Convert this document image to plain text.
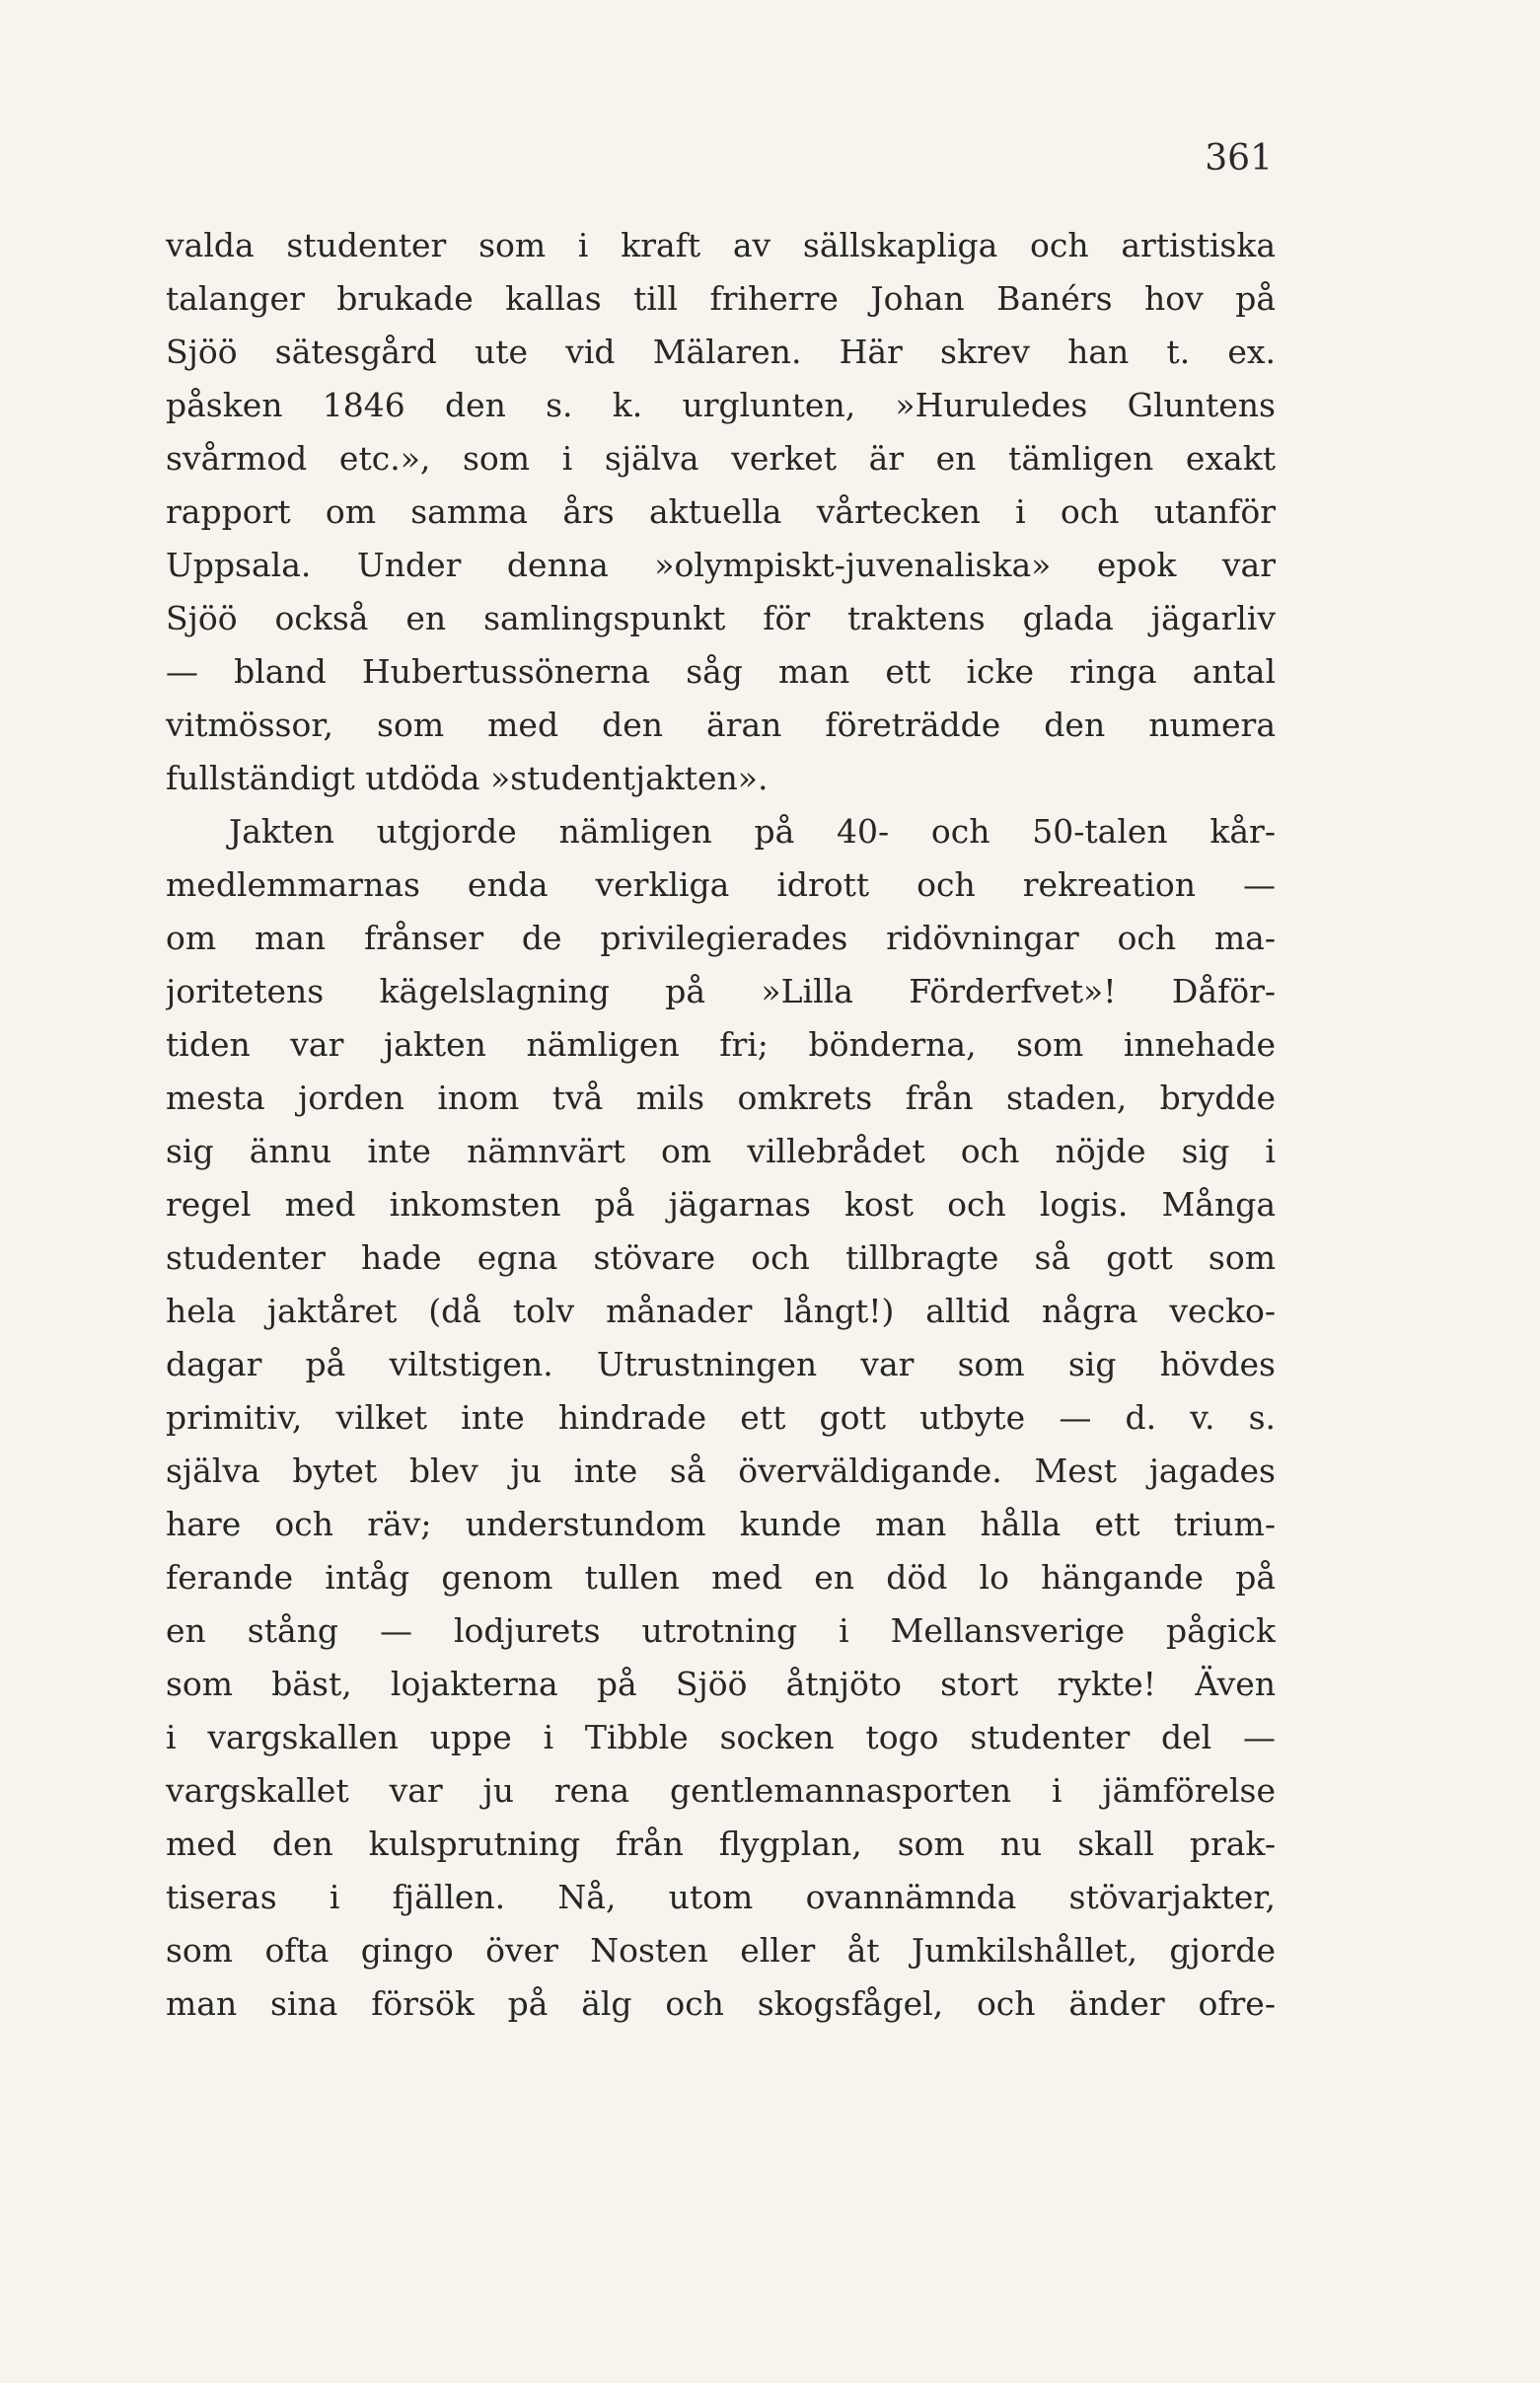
361
valda studenter som i kraft av sällskapliga och artistiska
talanger brukade kallas till friherre Johan Banérs hov på
Sjöö sätesgård ute vid Mälaren. Här skrev han t. ex.
påsken 1846 den s. k. urglunten, »Huruledes Gluntens
svårmod etc.», som i själva verket är en tämligen exakt
rapport om samma års aktuella vårtecken i och utanför
Uppsala. Under denna »olympiskt-juvenaliska» epok var
Sjöö också en samlingspunkt för traktens glada jägarliv
— bland Hubertussönerna såg man ett icke ringa antal
vitmössor, som med den äran företrädde den numera
fullständigt utdöda »studentjakten».
Jakten utgjorde nämligen på 40- och 50-talen kår-
medlemmarnas enda verkliga idrott och rekreation —
om man frånser de privilegierades ridövningar och ma-
joritetens kägelslagning på »Lilla Förderfvet»! Dåför-
tiden var jakten nämligen fri; bönderna, som innehade
mesta jorden inom två mils omkrets från staden, brydde
sig ännu inte nämnvärt om villebrådet och nöjde sig i
regel med inkomsten på jägarnas kost och logis. Många
studenter hade egna stövare och tillbragte så gott som
hela jaktåret (då tolv månader långt!) alltid några vecko-
dagar på viltstigen. Utrustningen var som sig hövdes
primitiv, vilket inte hindrade ett gott utbyte — d. v. s.
själva bytet blev ju inte så överväldigande. Mest jagades
hare och räv; understundom kunde man hålla ett trium-
ferande intåg genom tullen med en död lo hängande på
en stång — lodjurets utrotning i Mellansverige pågick
som bäst, lojakterna på Sjöö åtnjöto stort rykte! Även
i vargskallen uppe i Tibble socken togo studenter del —
vargskallet var ju rena gentlemannasporten i jämförelse
med den kulsprutning från flygplan, som nu skall prak-
tiseras i fjällen. Nå, utom ovannämnda stövarjakter,
som ofta gingo över Nosten eller åt Jumkilshållet, gjorde
man sina försök på älg och skogsfågel, och änder ofre-
